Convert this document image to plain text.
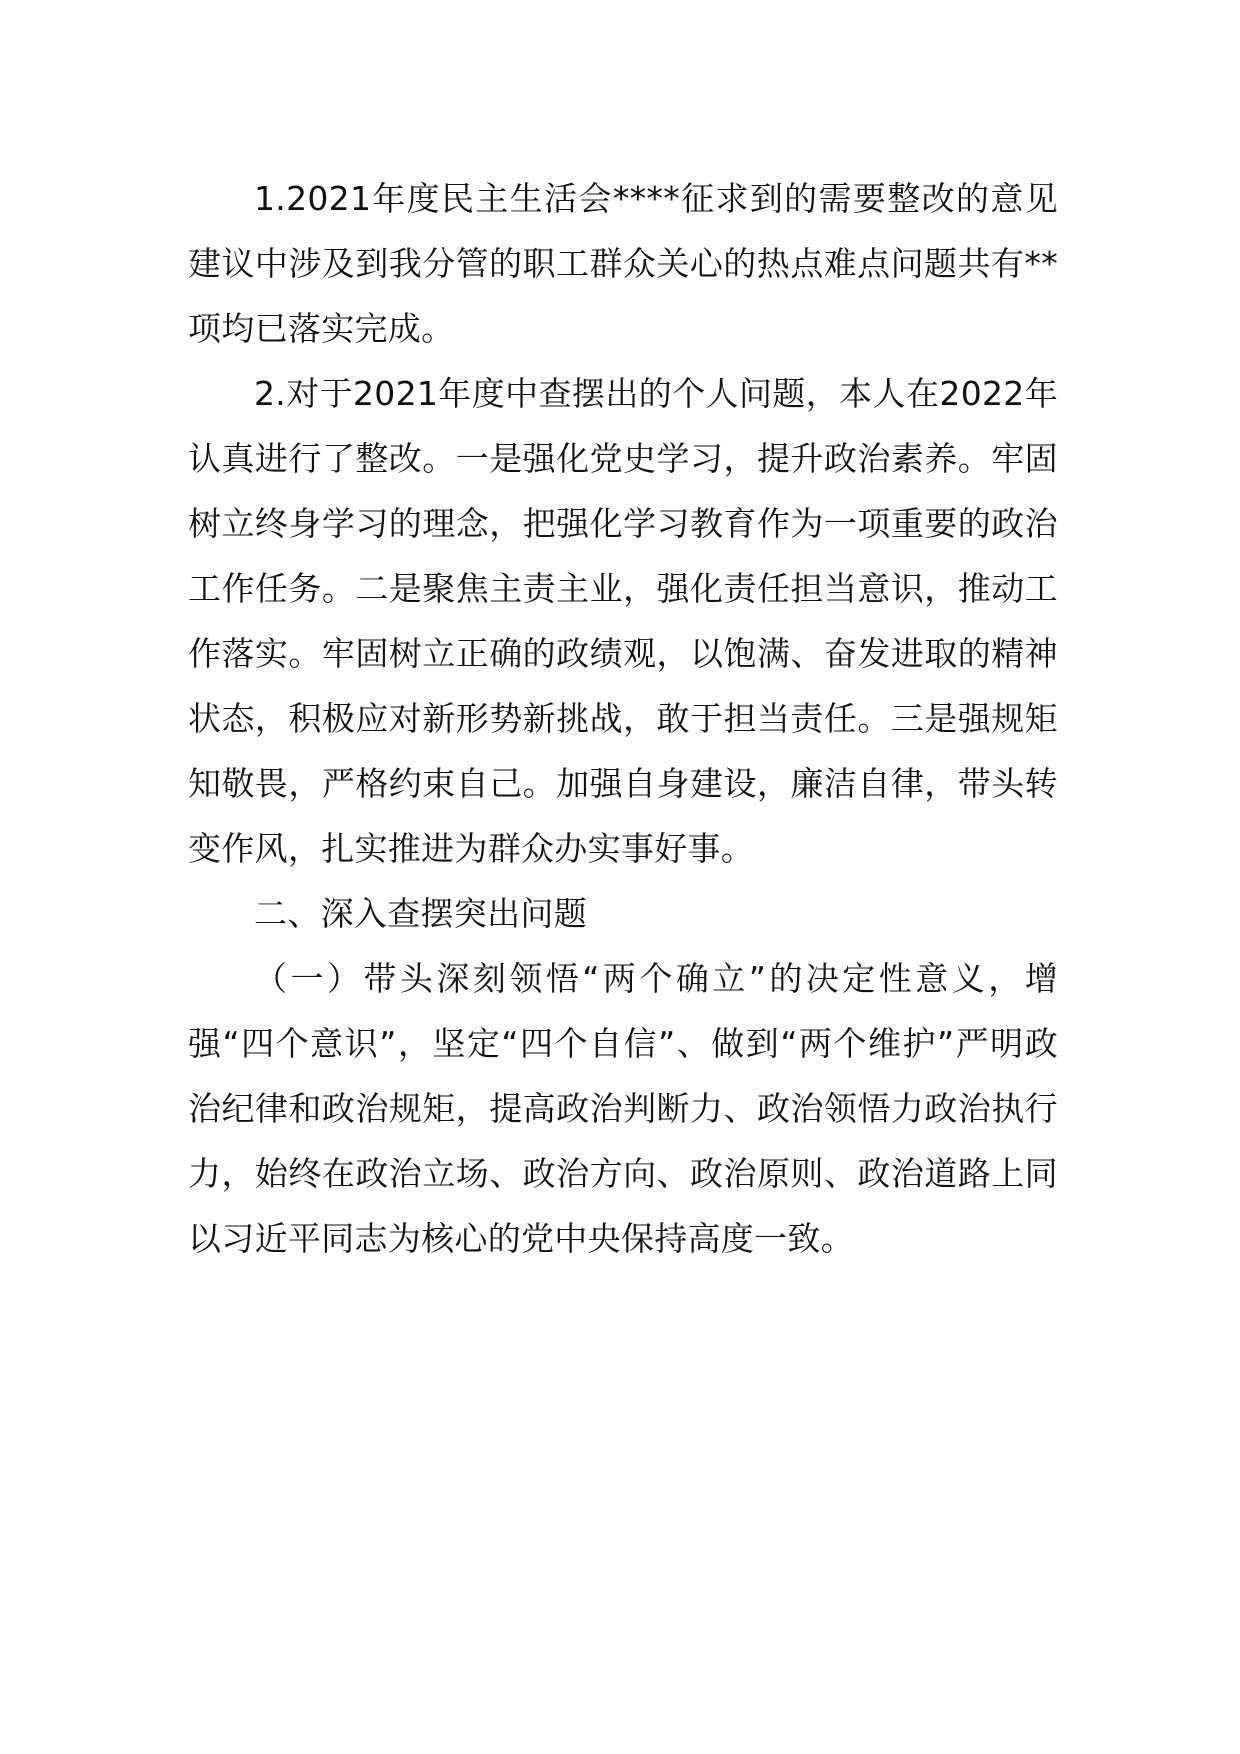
1.2021年度民主生活会****征求到的需要整改的意见建议中涉及到我分管的职工群众关心的热点难点问题共有**项均已落实完成。

2.对于2021年度中查摆出的个人问题，本人在2022年认真进行了整改。一是强化党史学习，提升政治素养。牢固树立终身学习的理念，把强化学习教育作为一项重要的政治工作任务。二是聚焦主责主业，强化责任担当意识，推动工作落实。牢固树立正确的政绩观，以饱满、奋发进取的精神状态，积极应对新形势新挑战，敢于担当责任。三是强规矩知敬畏，严格约束自己。加强自身建设，廉洁自律，带头转变作风，扎实推进为群众办实事好事。

二、深入查摆突出问题

（一）带头深刻领悟“两个确立”的决定性意义，增强“四个意识”，坚定“四个自信”、做到“两个维护”严明政治纪律和政治规矩，提高政治判断力、政治领悟力政治执行力，始终在政治立场、政治方向、政治原则、政治道路上同以习近平同志为核心的党中央保持高度一致。
